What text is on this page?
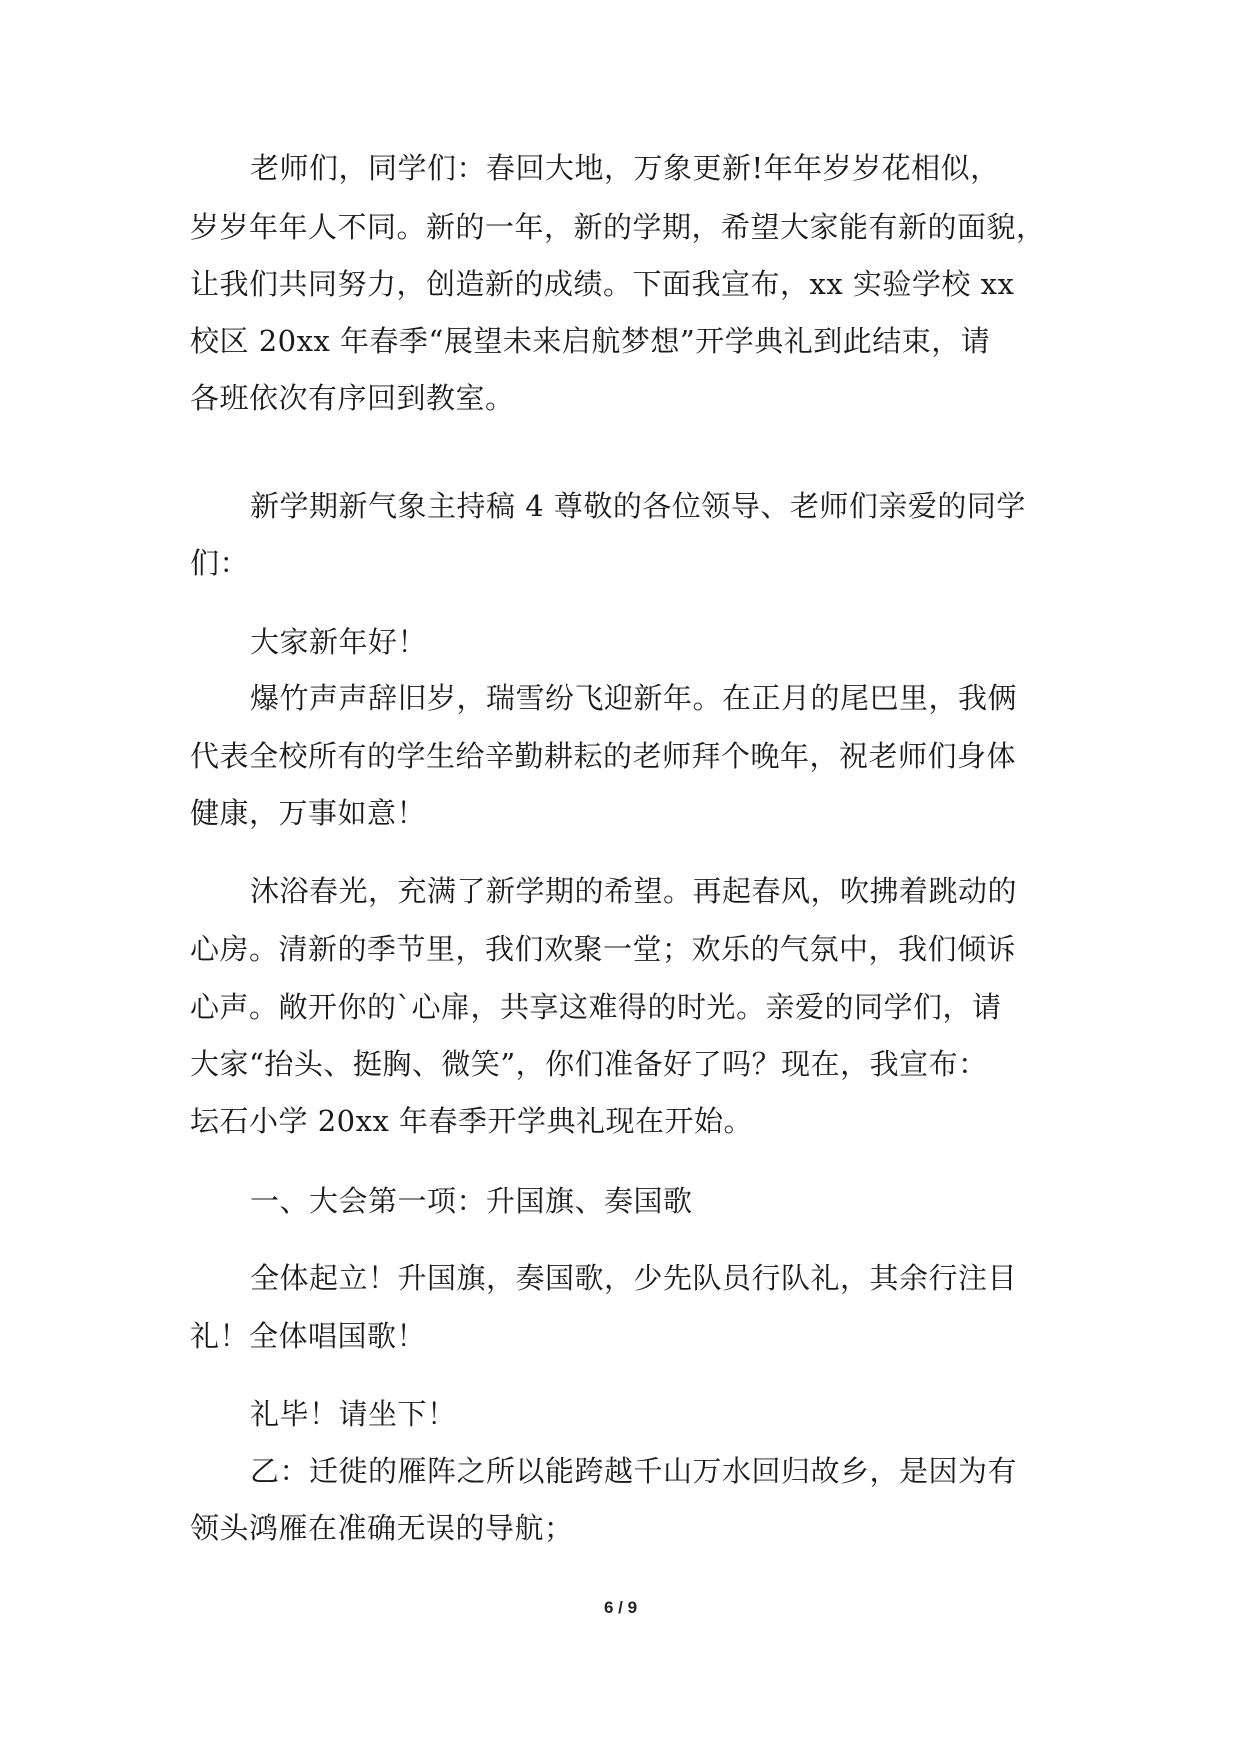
老师们，同学们：春回大地，万象更新!年年岁岁花相似，
岁岁年年人不同。新的一年，新的学期，希望大家能有新的面貌，
让我们共同努力，创造新的成绩。下面我宣布，xx 实验学校 xx
校区 20xx 年春季“展望未来启航梦想”开学典礼到此结束，请
各班依次有序回到教室。
新学期新气象主持稿 4 尊敬的各位领导、老师们亲爱的同学
们：
大家新年好！
爆竹声声辞旧岁，瑞雪纷飞迎新年。在正月的尾巴里，我俩
代表全校所有的学生给辛勤耕耘的老师拜个晚年，祝老师们身体
健康，万事如意！
沐浴春光，充满了新学期的希望。再起春风，吹拂着跳动的
心房。清新的季节里，我们欢聚一堂；欢乐的气氛中，我们倾诉
心声。敞开你的`心扉，共享这难得的时光。亲爱的同学们，请
大家“抬头、挺胸、微笑”，你们准备好了吗？现在，我宣布：
坛石小学 20xx 年春季开学典礼现在开始。
一、大会第一项：升国旗、奏国歌
全体起立！升国旗，奏国歌，少先队员行队礼，其余行注目
礼！全体唱国歌！
礼毕！请坐下！
乙：迁徙的雁阵之所以能跨越千山万水回归故乡，是因为有
领头鸿雁在准确无误的导航；
6 / 9
